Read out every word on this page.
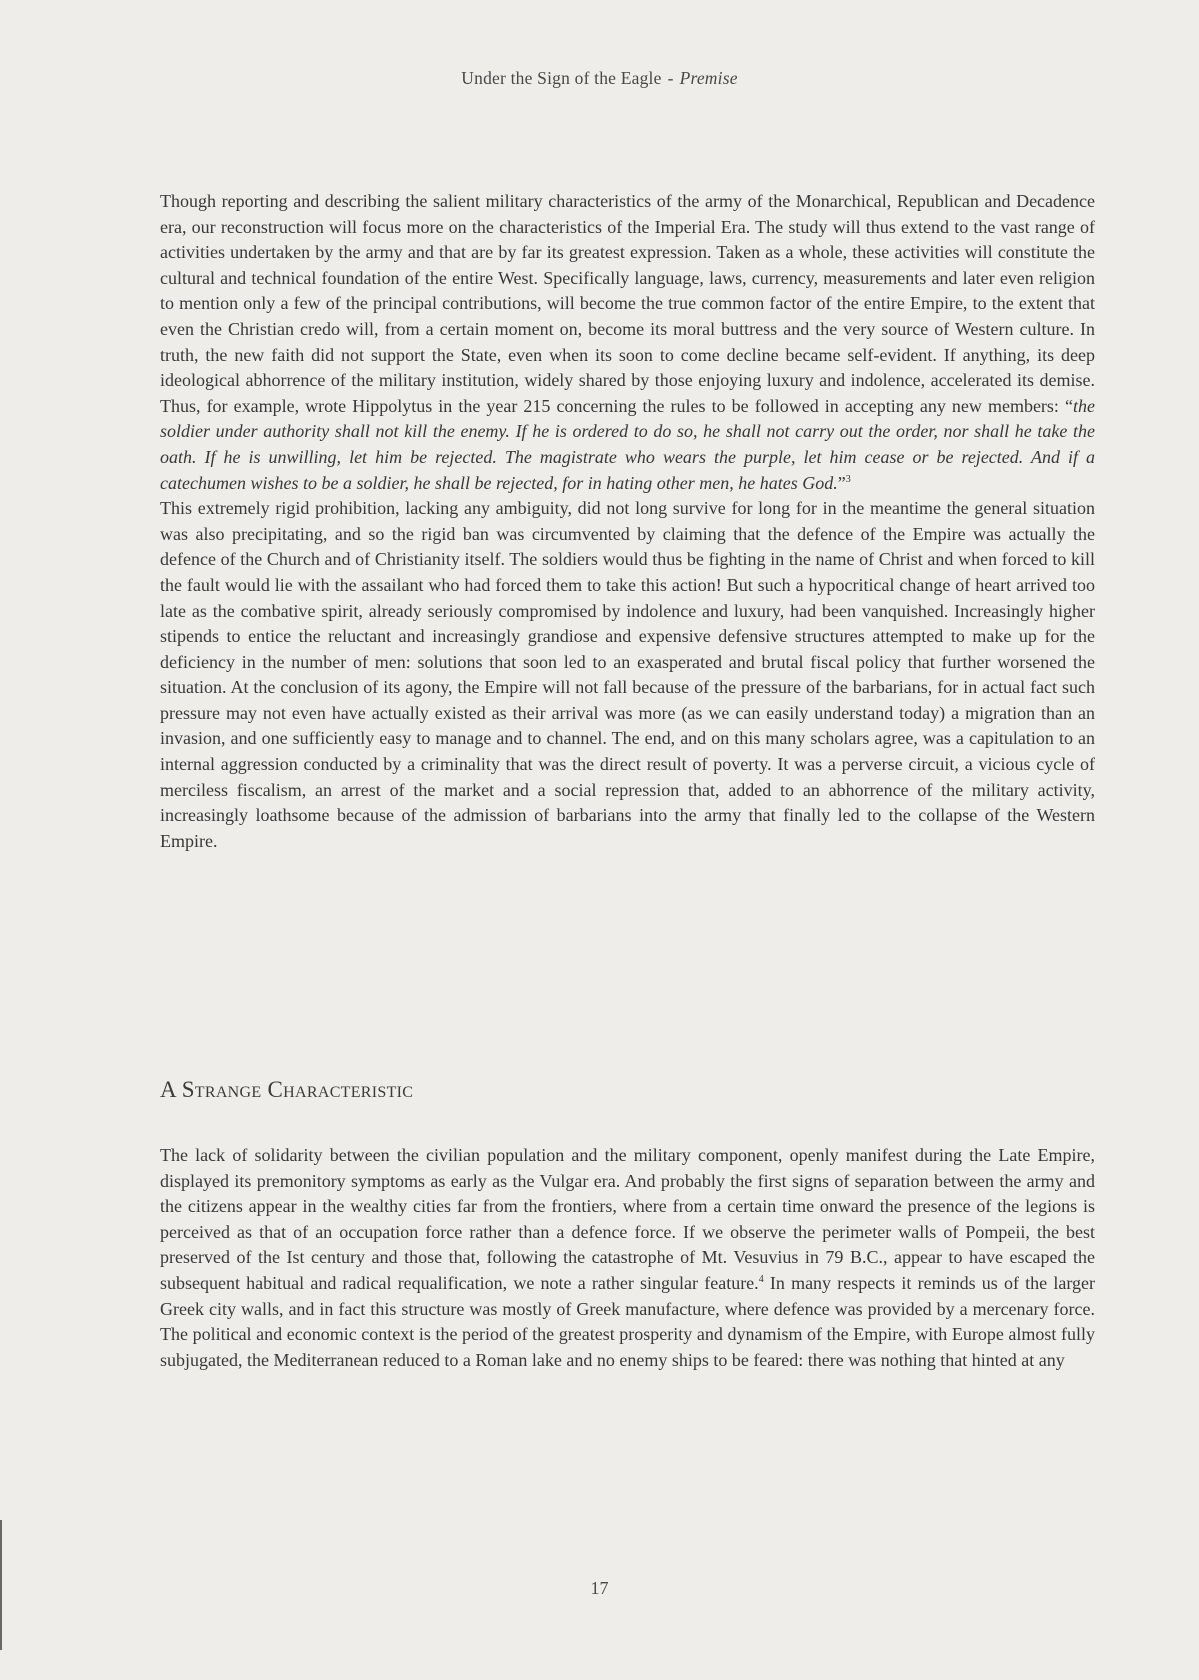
Under the Sign of the Eagle - Premise

Though reporting and describing the salient military characteristics of the army of the Monarchical, Republican and Decadence era, our reconstruction will focus more on the characteristics of the Imperial Era. The study will thus extend to the vast range of activities undertaken by the army and that are by far its greatest expression. Taken as a whole, these activities will constitute the cultural and technical foundation of the entire West. Specifically language, laws, currency, measurements and later even religion to mention only a few of the principal contributions, will become the true common factor of the entire Empire, to the extent that even the Christian credo will, from a certain moment on, become its moral buttress and the very source of Western culture. In truth, the new faith did not support the State, even when its soon to come decline became self-evident. If anything, its deep ideological abhorrence of the military institution, widely shared by those enjoying luxury and indolence, accelerated its demise. Thus, for example, wrote Hippolytus in the year 215 concerning the rules to be followed in accepting any new members: “the soldier under authority shall not kill the enemy. If he is ordered to do so, he shall not carry out the order, nor shall he take the oath. If he is unwilling, let him be rejected. The magistrate who wears the purple, let him cease or be rejected. And if a catechumen wishes to be a soldier, he shall be rejected, for in hating other men, he hates God.”$^3$

This extremely rigid prohibition, lacking any ambiguity, did not long survive for long for in the meantime the general situation was also precipitating, and so the rigid ban was circumvented by claiming that the defence of the Empire was actually the defence of the Church and of Christianity itself. The soldiers would thus be fighting in the name of Christ and when forced to kill the fault would lie with the assailant who had forced them to take this action! But such a hypocritical change of heart arrived too late as the combative spirit, already seriously compromised by indolence and luxury, had been vanquished. Increasingly higher stipends to entice the reluctant and increasingly grandiose and expensive defensive structures attempted to make up for the deficiency in the number of men: solutions that soon led to an exasperated and brutal fiscal policy that further worsened the situation. At the conclusion of its agony, the Empire will not fall because of the pressure of the barbarians, for in actual fact such pressure may not even have actually existed as their arrival was more (as we can easily understand today) a migration than an invasion, and one sufficiently easy to manage and to channel. The end, and on this many scholars agree, was a capitulation to an internal aggression conducted by a criminality that was the direct result of poverty. It was a perverse circuit, a vicious cycle of merciless fiscalism, an arrest of the market and a social repression that, added to an abhorrence of the military activity, increasingly loathsome because of the admission of barbarians into the army that finally led to the collapse of the Western Empire.

A Strange Characteristic

The lack of solidarity between the civilian population and the military component, openly manifest during the Late Empire, displayed its premonitory symptoms as early as the Vulgar era. And probably the first signs of separation between the army and the citizens appear in the wealthy cities far from the frontiers, where from a certain time onward the presence of the legions is perceived as that of an occupation force rather than a defence force. If we observe the perimeter walls of Pompeii, the best preserved of the Ist century and those that, following the catastrophe of Mt. Vesuvius in 79 B.C., appear to have escaped the subsequent habitual and radical requalification, we note a rather singular feature.$^4$ In many respects it reminds us of the larger Greek city walls, and in fact this structure was mostly of Greek manufacture, where defence was provided by a mercenary force. The political and economic context is the period of the greatest prosperity and dynamism of the Empire, with Europe almost fully subjugated, the Mediterranean reduced to a Roman lake and no enemy ships to be feared: there was nothing that hinted at any

17
